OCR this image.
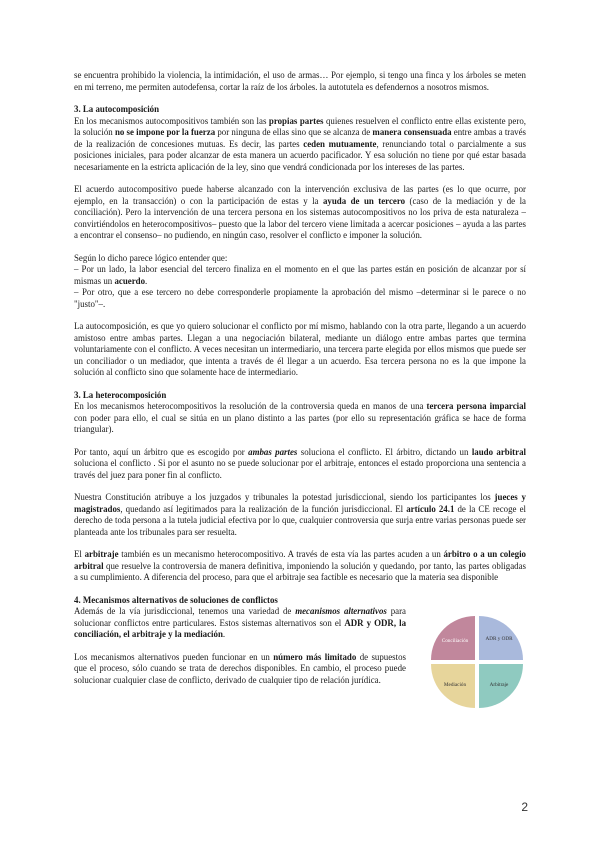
se encuentra prohibido la violencia, la intimidación, el uso de armas… Por ejemplo, si tengo una finca y los árboles se meten en mi terreno, me permiten autodefensa, cortar la raíz de los árboles. la autotutela es defendernos a nosotros mismos.

3. La autocomposición

En los mecanismos autocompositivos también son las propias partes quienes resuelven el conflicto entre ellas existente pero, la solución no se impone por la fuerza por ninguna de ellas sino que se alcanza de manera consensuada entre ambas a través de la realización de concesiones mutuas. Es decir, las partes ceden mutuamente, renunciando total o parcialmente a sus posiciones iniciales, para poder alcanzar de esta manera un acuerdo pacificador. Y esa solución no tiene por qué estar basada necesariamente en la estricta aplicación de la ley, sino que vendrá condicionada por los intereses de las partes.

El acuerdo autocompositivo puede haberse alcanzado con la intervención exclusiva de las partes (es lo que ocurre, por ejemplo, en la transacción) o con la participación de estas y la ayuda de un tercero (caso de la mediación y de la conciliación). Pero la intervención de una tercera persona en los sistemas autocompositivos no los priva de esta naturaleza –convirtiéndolos en heterocompositivos– puesto que la labor del tercero viene limitada a acercar posiciones – ayuda a las partes a encontrar el consenso– no pudiendo, en ningún caso, resolver el conflicto e imponer la solución.

Según lo dicho parece lógico entender que:

– Por un lado, la labor esencial del tercero finaliza en el momento en el que las partes están en posición de alcanzar por sí mismas un acuerdo.

– Por otro, que a ese tercero no debe corresponderle propiamente la aprobación del mismo –determinar si le parece o no "justo"–.

La autocomposición, es que yo quiero solucionar el conflicto por mí mismo, hablando con la otra parte, llegando a un acuerdo amistoso entre ambas partes. Llegan a una negociación bilateral, mediante un diálogo entre ambas partes que termina voluntariamente con el conflicto. A veces necesitan un intermediario, una tercera parte elegida por ellos mismos que puede ser un conciliador o un mediador, que intenta a través de él llegar a un acuerdo. Esa tercera persona no es la que impone la solución al conflicto sino que solamente hace de intermediario.

3. La heterocomposición

En los mecanismos heterocompositivos la resolución de la controversia queda en manos de una tercera persona imparcial con poder para ello, el cual se sitúa en un plano distinto a las partes (por ello su representación gráfica se hace de forma triangular).

Por tanto, aquí un árbitro que es escogido por ambas partes soluciona el conflicto. El árbitro, dictando un laudo arbitral soluciona el conflicto . Si por el asunto no se puede solucionar por el arbitraje, entonces el estado proporciona una sentencia a través del juez para poner fin al conflicto.

Nuestra Constitución atribuye a los juzgados y tribunales la potestad jurisdiccional, siendo los participantes los jueces y magistrados, quedando así legitimados para la realización de la función jurisdiccional. El artículo 24.1 de la CE recoge el derecho de toda persona a la tutela judicial efectiva por lo que, cualquier controversia que surja entre varias personas puede ser planteada ante los tribunales para ser resuelta.

El arbitraje también es un mecanismo heterocompositivo. A través de esta vía las partes acuden a un árbitro o a un colegio arbitral que resuelve la controversia de manera definitiva, imponiendo la solución y quedando, por tanto, las partes obligadas a su cumplimiento. A diferencia del proceso, para que el arbitraje sea factible es necesario que la materia sea disponible

4. Mecanismos alternativos de soluciones de conflictos

Además de la vía jurisdiccional, tenemos una variedad de mecanismos alternativos para solucionar conflictos entre particulares. Estos sistemas alternativos son el ADR y ODR, la conciliación, el arbitraje y la mediación.

Los mecanismos alternativos pueden funcionar en un número más limitado de supuestos que el proceso, sólo cuando se trata de derechos disponibles. En cambio, el proceso puede solucionar cualquier clase de conflicto, derivado de cualquier tipo de relación jurídica.

Conciliación	ADR y ODR
Mediación	Arbitraje
2
